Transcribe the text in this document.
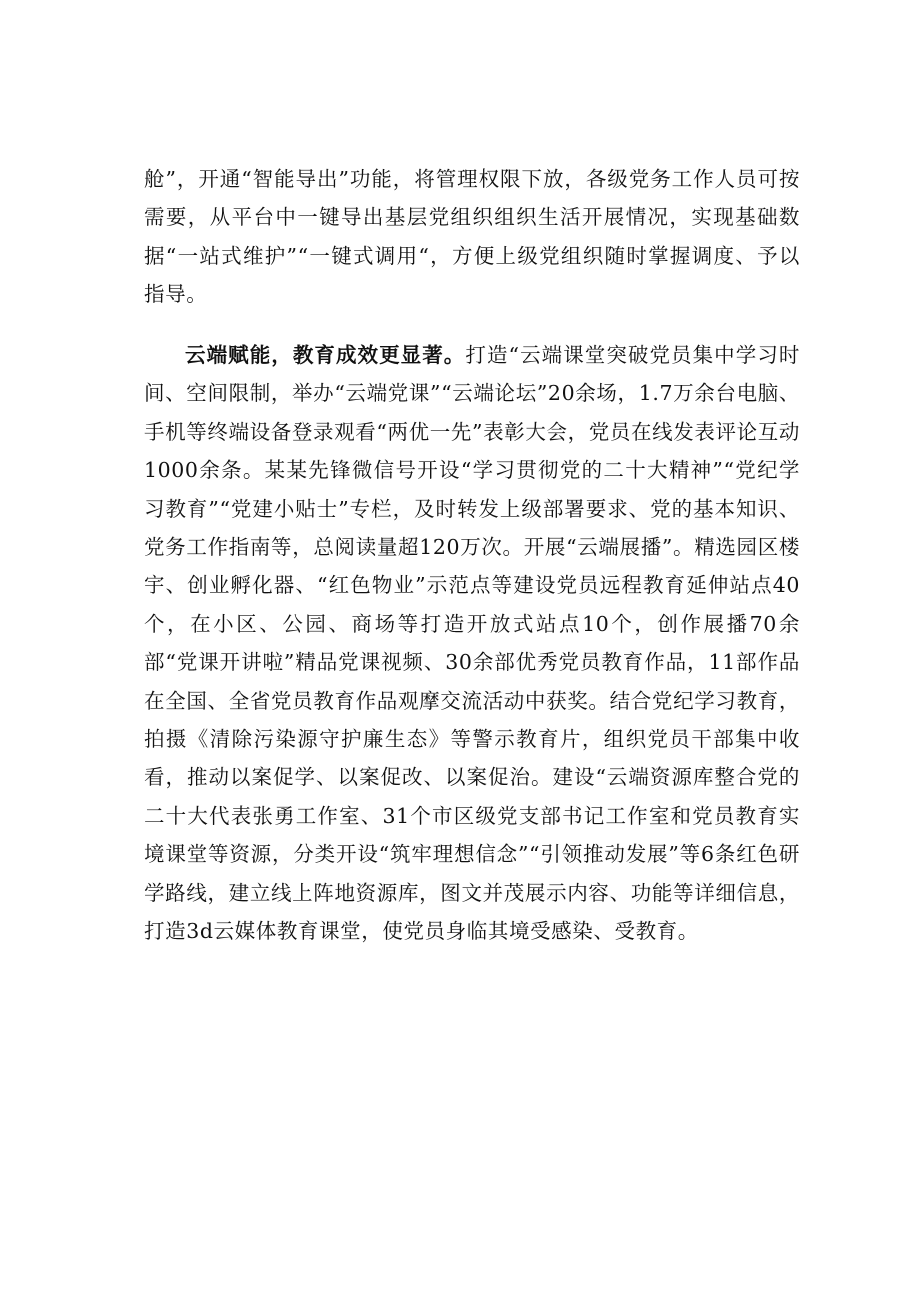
舱”，开通“智能导出”功能，将管理权限下放，各级党务工作人员可按需要，从平台中一键导出基层党组织组织生活开展情况，实现基础数据“一站式维护”“一键式调用“，方便上级党组织随时掌握调度、予以指导。

云端赋能，教育成效更显著。打造“云端课堂突破党员集中学习时间、空间限制，举办“云端党课”“云端论坛”20余场，1.7万余台电脑、手机等终端设备登录观看“两优一先”表彰大会，党员在线发表评论互动1000余条。某某先锋微信号开设“学习贯彻党的二十大精神”“党纪学习教育”“党建小贴士”专栏，及时转发上级部署要求、党的基本知识、党务工作指南等，总阅读量超120万次。开展“云端展播”。精选园区楼宇、创业孵化器、“红色物业”示范点等建设党员远程教育延伸站点40个，在小区、公园、商场等打造开放式站点10个，创作展播70余部“党课开讲啦”精品党课视频、30余部优秀党员教育作品，11部作品在全国、全省党员教育作品观摩交流活动中获奖。结合党纪学习教育，拍摄《清除污染源守护廉生态》等警示教育片，组织党员干部集中收看，推动以案促学、以案促改、以案促治。建设“云端资源库整合党的二十大代表张勇工作室、31个市区级党支部书记工作室和党员教育实境课堂等资源，分类开设“筑牢理想信念”“引领推动发展”等6条红色研学路线，建立线上阵地资源库，图文并茂展示内容、功能等详细信息，打造3d云媒体教育课堂，使党员身临其境受感染、受教育。
